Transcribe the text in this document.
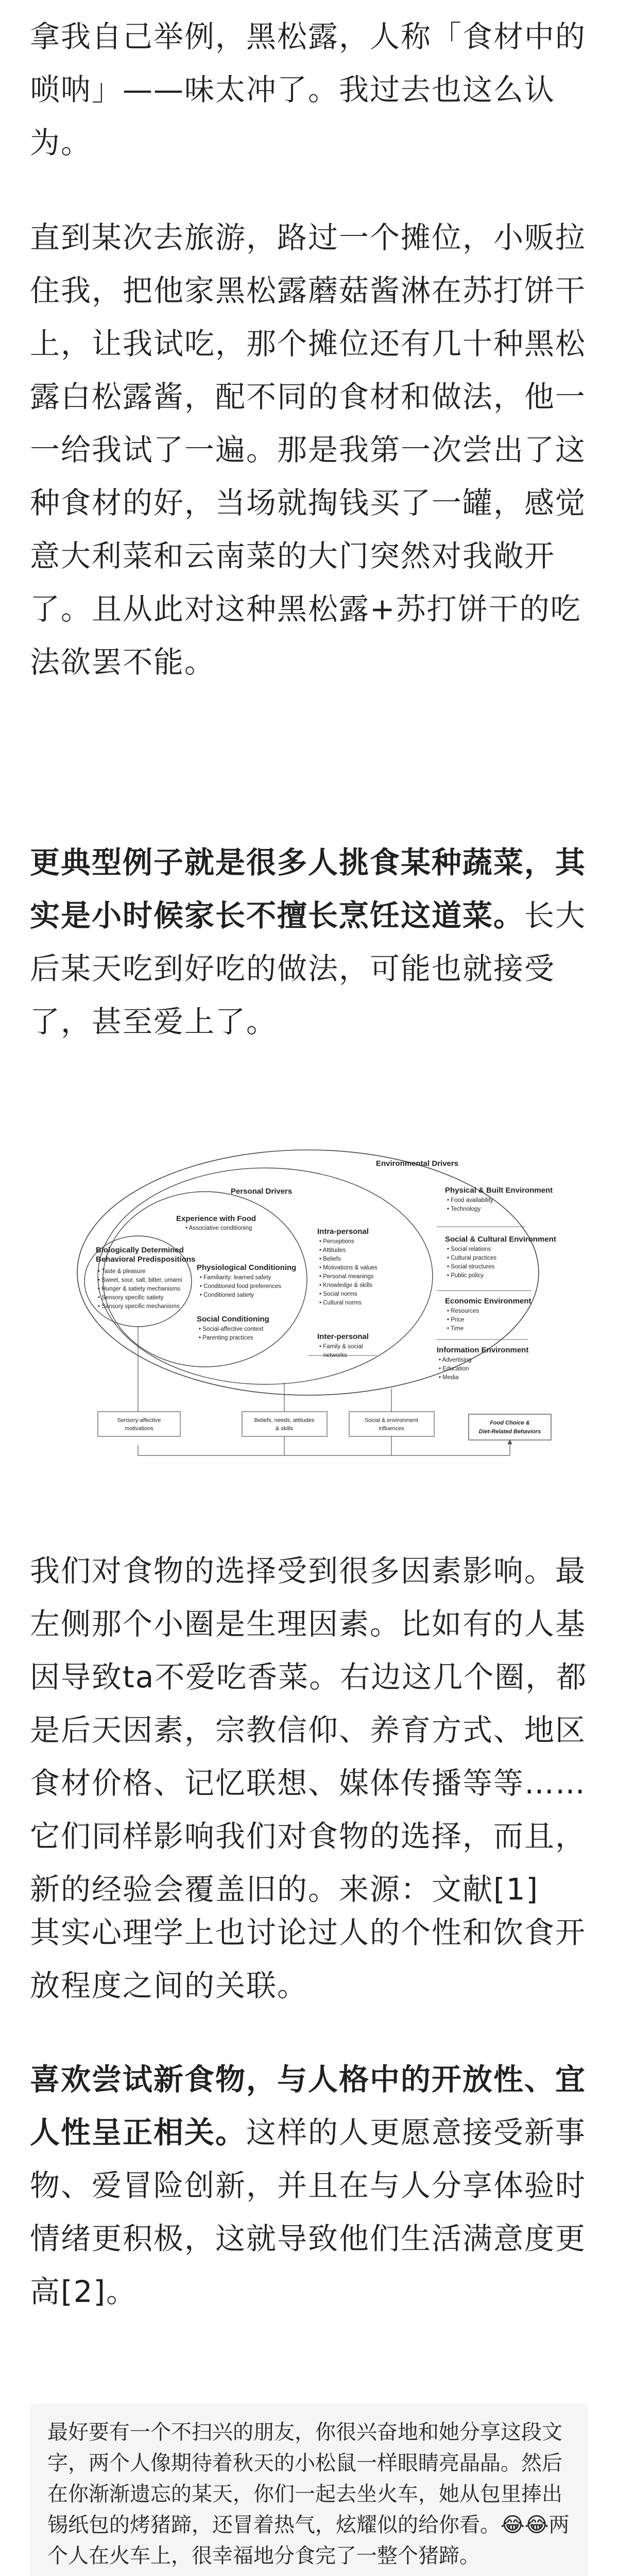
拿我自己举例，黑松露，人称「食材中的唢呐」——味太冲了。我过去也这么认为。

直到某次去旅游，路过一个摊位，小贩拉住我，把他家黑松露蘑菇酱淋在苏打饼干上，让我试吃，那个摊位还有几十种黑松露白松露酱，配不同的食材和做法，他一一给我试了一遍。那是我第一次尝出了这种食材的好，当场就掏钱买了一罐，感觉意大利菜和云南菜的大门突然对我敞开了。且从此对这种黑松露+苏打饼干的吃法欲罢不能。

更典型例子就是很多人挑食某种蔬菜，其实是小时候家长不擅长烹饪这道菜。长大后某天吃到好吃的做法，可能也就接受了，甚至爱上了。

Environmental Drivers
Personal Drivers
Experience with Food
• Associative conditioning
Biologically Determined
Behavioral Predispositions
• Taste & pleasure
• Sweet, sour, salt, bitter, umami
• Hunger & satiety mechanisms
• Sensory specific satiety
• Sensory specific mechanisms
Physiological Conditioning
• Familiarity: learned safety
• Conditioned food preferences
• Conditioned satiety
Social Conditioning
• Social-affective context
• Parenting practices
Intra-personal
• Perceptions
• Attitudes
• Beliefs
• Motivations & values
• Personal meanings
• Knowledge & skills
• Social norms
• Cultural norms
Inter-personal
• Family & social
networks
Physical & Built Environment
• Food availability
• Technology
Social & Cultural Environment
• Social relations
• Cultural practices
• Social structures
• Public policy
Economic Environment
• Resources
• Price
• Time
Information Environment
• Advertising
• Education
• Media
Sensory-affective
motivations
Beliefs, needs, attitudes
& skills
Social & environment
influences
Food Choice &
Diet-Related Behaviors

我们对食物的选择受到很多因素影响。最左侧那个小圈是生理因素。比如有的人基因导致ta不爱吃香菜。右边这几个圈，都是后天因素，宗教信仰、养育方式、地区食材价格、记忆联想、媒体传播等等……它们同样影响我们对食物的选择，而且，新的经验会覆盖旧的。来源：文献[1]

其实心理学上也讨论过人的个性和饮食开放程度之间的关联。

喜欢尝试新食物，与人格中的开放性、宜人性呈正相关。这样的人更愿意接受新事物、爱冒险创新，并且在与人分享体验时情绪更积极，这就导致他们生活满意度更高[2]。

最好要有一个不扫兴的朋友，你很兴奋地和她分享这段文字，两个人像期待着秋天的小松鼠一样眼睛亮晶晶。然后在你渐渐遗忘的某天，你们一起去坐火车，她从包里捧出锡纸包的烤猪蹄，还冒着热气，炫耀似的给你看。😂😂两个人在火车上，很幸福地分食完了一整个猪蹄。
